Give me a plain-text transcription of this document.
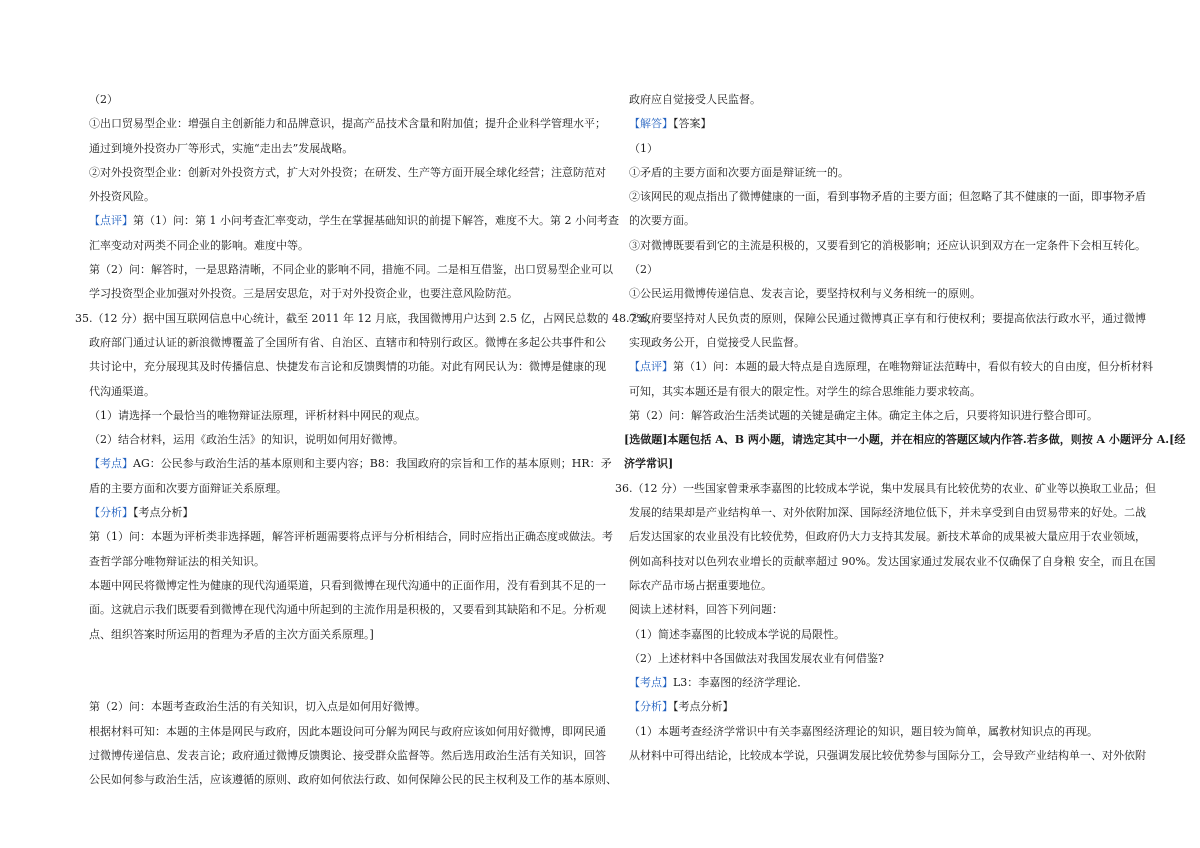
（2）
①出口贸易型企业：增强自主创新能力和品牌意识，提高产品技术含量和附加值；提升企业科学管理水平；
通过到境外投资办厂等形式，实施“走出去”发展战略。
②对外投资型企业：创新对外投资方式，扩大对外投资；在研发、生产等方面开展全球化经营；注意防范对
外投资风险。
【点评】第（1）问：第 1 小问考查汇率变动，学生在掌握基础知识的前提下解答，难度不大。第 2 小问考查
汇率变动对两类不同企业的影响。难度中等。
第（2）问：解答时，一是思路清晰，不同企业的影响不同，措施不同。二是相互借鉴，出口贸易型企业可以
学习投资型企业加强对外投资。三是居安思危，对于对外投资企业，也要注意风险防范。
35.（12 分）据中国互联网信息中心统计，截至 2011 年 12 月底，我国微博用户达到 2.5 亿，占网民总数的 48.7%，
政府部门通过认证的新浪微博覆盖了全国所有省、自治区、直辖市和特别行政区。微博在多起公共事件和公
共讨论中，充分展现其及时传播信息、快捷发布言论和反馈舆情的功能。对此有网民认为：微博是健康的现
代沟通渠道。
（1）请选择一个最恰当的唯物辩证法原理，评析材料中网民的观点。
（2）结合材料，运用《政治生活》的知识，说明如何用好微博。
【考点】AG：公民参与政治生活的基本原则和主要内容；B8：我国政府的宗旨和工作的基本原则；HR：矛
盾的主要方面和次要方面辩证关系原理。
【分析】【考点分析】
第（1）问：本题为评析类非选择题，解答评析题需要将点评与分析相结合，同时应指出正确态度或做法。考
查哲学部分唯物辩证法的相关知识。
本题中网民将微博定性为健康的现代沟通渠道，只看到微博在现代沟通中的正面作用，没有看到其不足的一
面。这就启示我们既要看到微博在现代沟通中所起到的主流作用是积极的，又要看到其缺陷和不足。分析观
点、组织答案时所运用的哲理为矛盾的主次方面关系原理。]
第（2）问：本题考查政治生活的有关知识，切入点是如何用好微博。
根据材料可知：本题的主体是网民与政府，因此本题设问可分解为网民与政府应该如何用好微博，即网民通
过微博传递信息、发表言论；政府通过微博反馈舆论、接受群众监督等。然后选用政治生活有关知识，回答
公民如何参与政治生活，应该遵循的原则、政府如何依法行政、如何保障公民的民主权利及工作的基本原则、
政府应自觉接受人民监督。
【解答】【答案】
（1）
①矛盾的主要方面和次要方面是辩证统一的。
②该网民的观点指出了微博健康的一面，看到事物矛盾的主要方面；但忽略了其不健康的一面，即事物矛盾
的次要方面。
③对微博既要看到它的主流是积极的，又要看到它的消极影响；还应认识到双方在一定条件下会相互转化。
（2）
①公民运用微博传递信息、发表言论，要坚持权利与义务相统一的原则。
②政府要坚持对人民负责的原则，保障公民通过微博真正享有和行使权利；要提高依法行政水平，通过微博
实现政务公开，自觉接受人民监督。
【点评】第（1）问：本题的最大特点是自选原理，在唯物辩证法范畴中，看似有较大的自由度，但分析材料
可知，其实本题还是有很大的限定性。对学生的综合思维能力要求较高。
第（2）问：解答政治生活类试题的关键是确定主体。确定主体之后，只要将知识进行整合即可。
[选做题]本题包括 A、B 两小题，请选定其中一小题，并在相应的答题区域内作答.若多做，则按 A 小题评分 A.[经
济学常识]
36.（12 分）一些国家曾秉承李嘉图的比较成本学说，集中发展具有比较优势的农业、矿业等以换取工业品；但
发展的结果却是产业结构单一、对外依附加深、国际经济地位低下，并未享受到自由贸易带来的好处。二战
后发达国家的农业虽没有比较优势，但政府仍大力支持其发展。新技术革命的成果被大量应用于农业领域，
例如高科技对以色列农业增长的贡献率超过 90%。发达国家通过发展农业不仅确保了自身粮 安全，而且在国
际农产品市场占据重要地位。
阅读上述材料，回答下列问题：
（1）简述李嘉图的比较成本学说的局限性。
（2）上述材料中各国做法对我国发展农业有何借鉴?
【考点】L3：李嘉图的经济学理论．
【分析】【考点分析】
（1）本题考查经济学常识中有关李嘉图经济理论的知识，题目较为简单，属教材知识点的再现。
从材料中可得出结论，比较成本学说，只强调发展比较优势参与国际分工，会导致产业结构单一、对外依附
